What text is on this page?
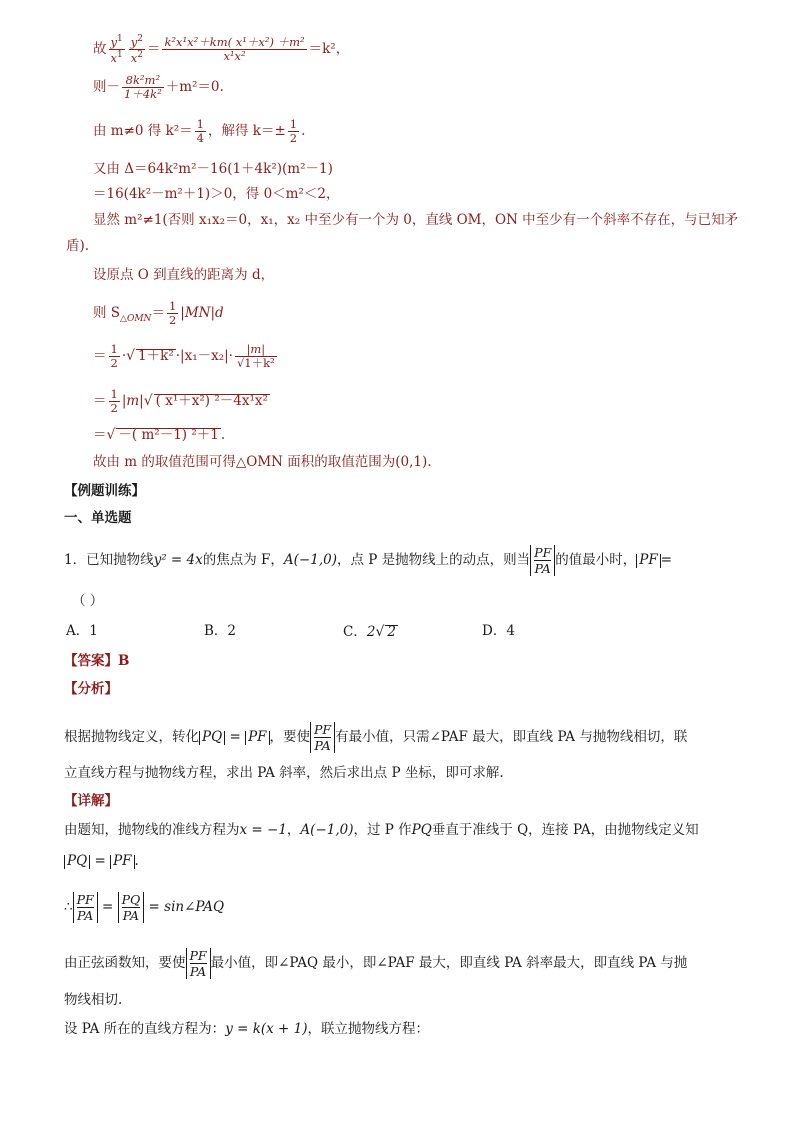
故 $\frac{y^1}{x^1} \frac{y^2}{x^2} = \frac{\text{k²x¹x²＋km( x¹＋x²) ＋m²}}{\text{x¹x²}} =k^2$，
则－ $\frac{\text{8k²m²}}{\text{1＋4k²}} +m^2=0$.
由 m≠0 得 $k^2= \frac{1}{4}$ ，解得 $k=\pm \frac{1}{2}$ .
又由 Δ＝64k²m²－16(1＋4k²)(m²－1)
＝16(4k²－m²＋1)＞0，得 0＜m²＜2，
显然 m²≠1(否则 x₁x₂＝0，x₁，x₂ 中至少有一个为 0，直线 OM，ON 中至少有一个斜率不存在，与已知矛
盾).
设原点 O 到直线的距离为 d，
则 $S_{\triangle OMN}= \frac{1}{2} |MN|d$
＝ $\frac{1}{2}$ ·√ $1+k^2 \cdot|x_1-x_2|\cdot \frac{|m|}{\text{√1＋k²}}$
＝ $\frac{1}{2} |m|√$ ( x¹＋x²) ²－4x¹x²
＝√ －( m²－1) ²＋1 .
故由 m 的取值范围可得△OMN 面积的取值范围为(0,1).
【例题训练】
一、单选题
1．已知抛物线y² = 4x的焦点为 F，A(−1,0)，点 P 是抛物线上的动点，则当 $\frac{PF}{PA}$ 的值最小时， PF =
（ ）
A．1	B．2	C．2√ 2	D．4
【答案】B
【分析】
根据抛物线定义，转化 PQ = PF ，要使 $\frac{PF}{PA}$ 有最小值，只需∠PAF 最大，即直线 PA 与抛物线相切，联
立直线方程与抛物线方程，求出 PA 斜率，然后求出点 P 坐标，即可求解.
【详解】
由题知，抛物线的准线方程为x = −1，A(−1,0)，过 P 作PQ垂直于准线于 Q，连接 PA，由抛物线定义知
PQ = PF .
∴ $\frac{PF}{PA} = \frac{PQ}{PA}$ = sin∠PAQ
由正弦函数知，要使 $\frac{PF}{PA}$ 最小值，即∠PAQ 最小，即∠PAF 最大，即直线 PA 斜率最大，即直线 PA 与抛
物线相切.
设 PA 所在的直线方程为：y = k(x + 1)，联立抛物线方程：
